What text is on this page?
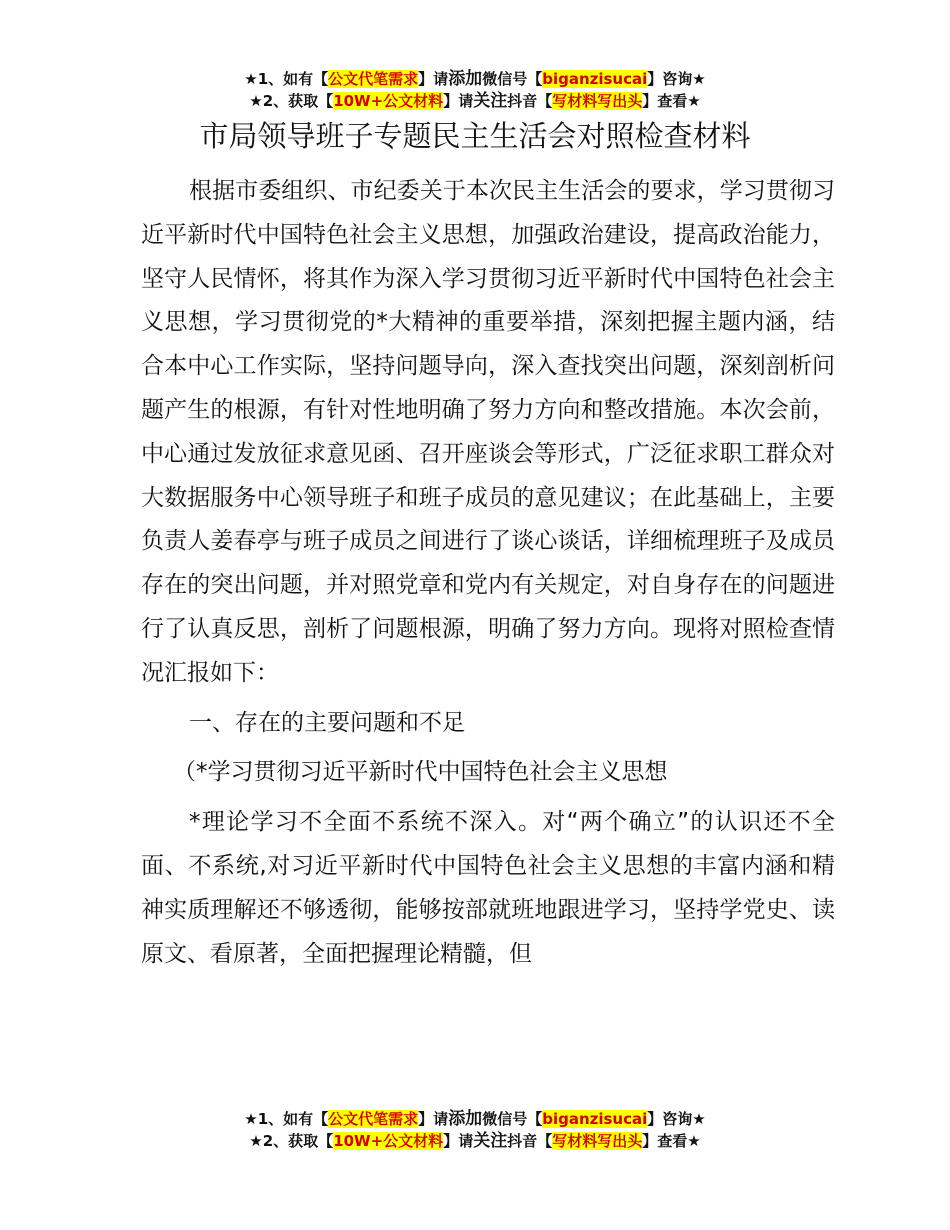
★1、如有【公文代笔需求】请添加微信号【biganzisucai】咨询★
★2、获取【10W+公文材料】请关注抖音【写材料写出头】查看★
市局领导班子专题民主生活会对照检查材料

根据市委组织、市纪委关于本次民主生活会的要求，学习贯彻习近平新时代中国特色社会主义思想，加强政治建设，提高政治能力，坚守人民情怀，将其作为深入学习贯彻习近平新时代中国特色社会主义思想，学习贯彻党的*大精神的重要举措，深刻把握主题内涵，结合本中心工作实际，坚持问题导向，深入查找突出问题，深刻剖析问题产生的根源，有针对性地明确了努力方向和整改措施。本次会前，中心通过发放征求意见函、召开座谈会等形式，广泛征求职工群众对大数据服务中心领导班子和班子成员的意见建议；在此基础上，主要负责人姜春亭与班子成员之间进行了谈心谈话，详细梳理班子及成员存在的突出问题，并对照党章和党内有关规定，对自身存在的问题进行了认真反思，剖析了问题根源，明确了努力方向。现将对照检查情况汇报如下：

一、存在的主要问题和不足

（*学习贯彻习近平新时代中国特色社会主义思想

*理论学习不全面不系统不深入。对“两个确立”的认识还不全面、不系统,对习近平新时代中国特色社会主义思想的丰富内涵和精神实质理解还不够透彻，能够按部就班地跟进学习，坚持学党史、读原文、看原著，全面把握理论精髓，但

★1、如有【公文代笔需求】请添加微信号【biganzisucai】咨询★
★2、获取【10W+公文材料】请关注抖音【写材料写出头】查看★
